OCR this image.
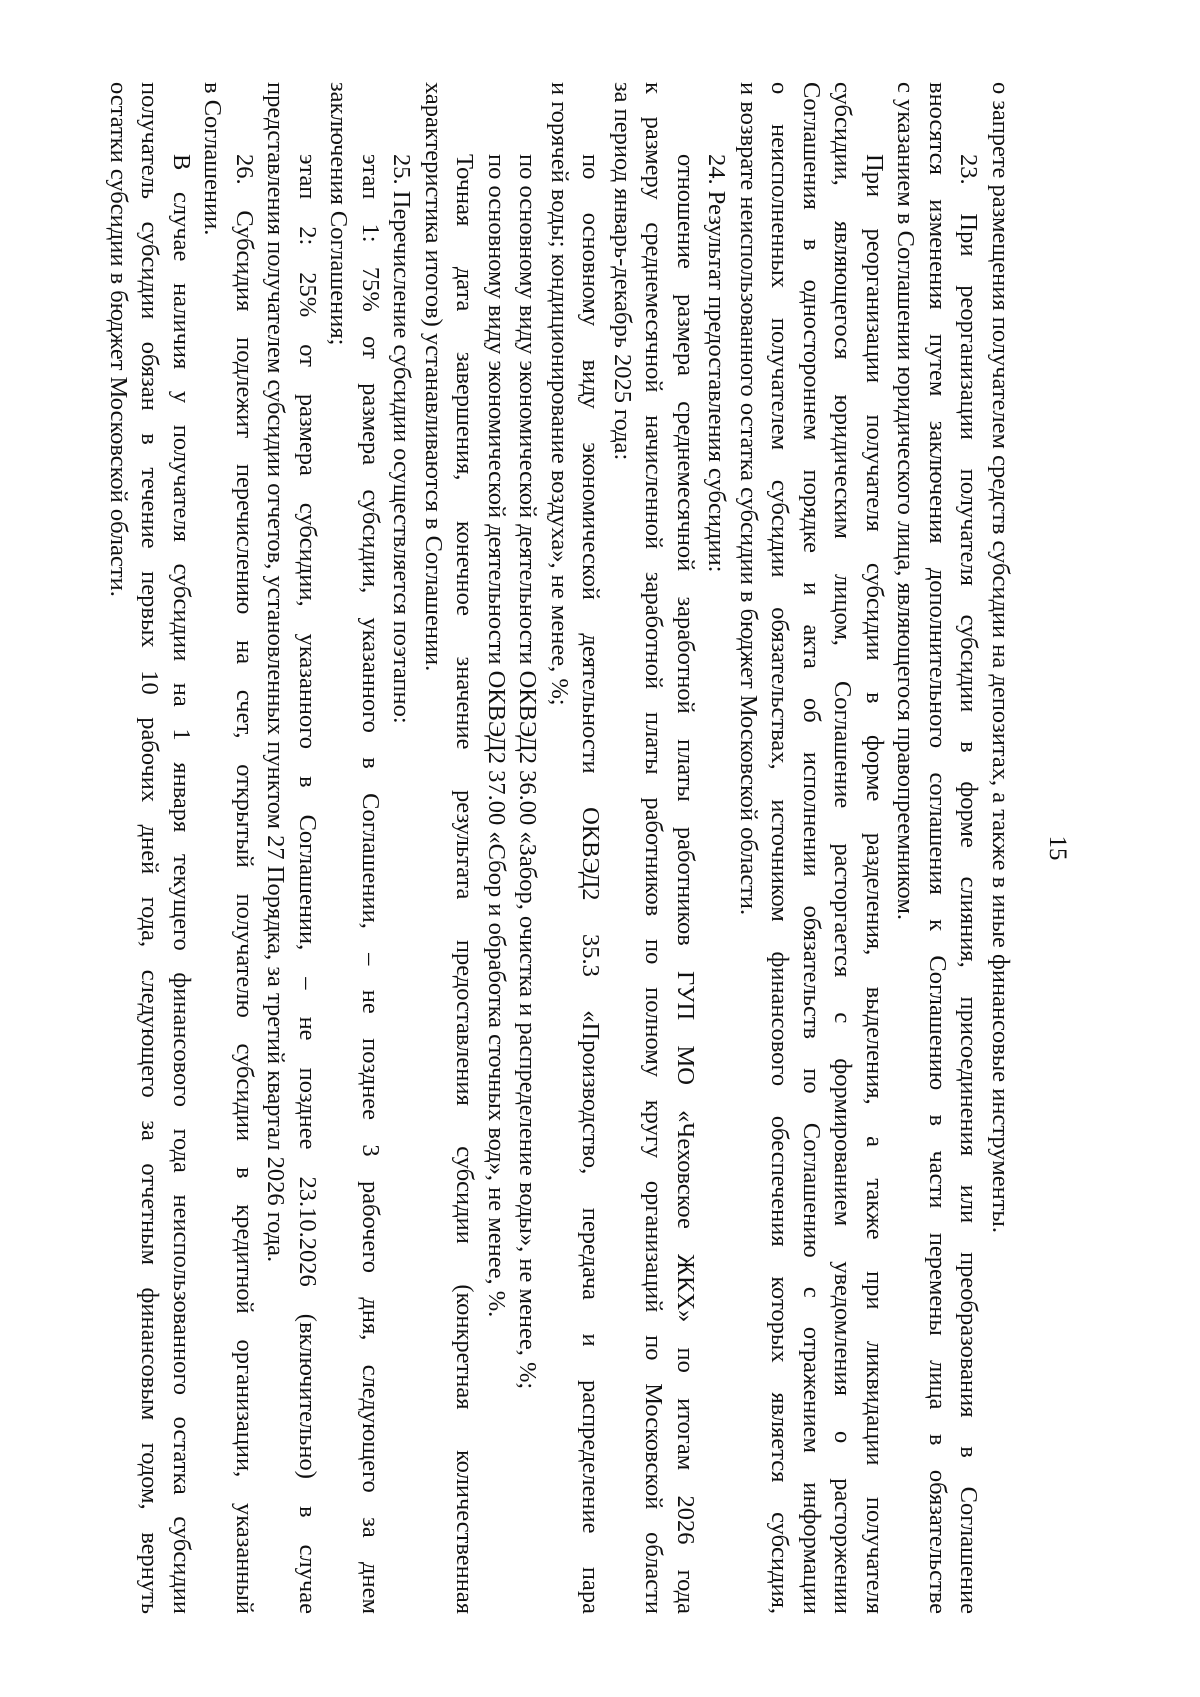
15
о запрете размещения получателем средств субсидии на депозитах, а также в иные финансовые инструменты.
23. При реорганизации получателя субсидии в форме слияния, присоединения или преобразования в Соглашение
вносятся изменения путем заключения дополнительного соглашения к Соглашению в части перемены лица в обязательстве
с указанием в Соглашении юридического лица, являющегося правопреемником.
При реорганизации получателя субсидии в форме разделения, выделения, а также при ликвидации получателя
субсидии, являющегося юридическим лицом, Соглашение расторгается с формированием уведомления о расторжении
Соглашения в одностороннем порядке и акта об исполнении обязательств по Соглашению с отражением информации
о неисполненных получателем субсидии обязательствах, источником финансового обеспечения которых является субсидия,
и возврате неиспользованного остатка субсидии в бюджет Московской области.
24. Результат предоставления субсидии:
отношение размера среднемесячной заработной платы работников ГУП МО «Чеховское ЖКХ» по итогам 2026 года
к размеру среднемесячной начисленной заработной платы работников по полному кругу организаций по Московской области
за период январь-декабрь 2025 года:
по основному виду экономической деятельности ОКВЭД2 35.3 «Производство, передача и распределение пара
и горячей воды; кондиционирование воздуха», не менее, %;
по основному виду экономической деятельности ОКВЭД2 36.00 «Забор, очистка и распределение воды», не менее, %;
по основному виду экономической деятельности ОКВЭД2 37.00 «Сбор и обработка сточных вод», не менее, %.
Точная дата завершения, конечное значение результата предоставления субсидии (конкретная количественная
характеристика итогов) устанавливаются в Соглашении.
25. Перечисление субсидии осуществляется поэтапно:
этап 1: 75% от размера субсидии, указанного в Соглашении, – не позднее 3 рабочего дня, следующего за днем
заключения Соглашения;
этап 2: 25% от размера субсидии, указанного в Соглашении, – не позднее 23.10.2026 (включительно) в случае
представления получателем субсидии отчетов, установленных пунктом 27 Порядка, за третий квартал 2026 года.
26. Субсидия подлежит перечислению на счет, открытый получателю субсидии в кредитной организации, указанный
в Соглашении.
В случае наличия у получателя субсидии на 1 января текущего финансового года неиспользованного остатка субсидии
получатель субсидии обязан в течение первых 10 рабочих дней года, следующего за отчетным финансовым годом, вернуть
остатки субсидии в бюджет Московской области.
